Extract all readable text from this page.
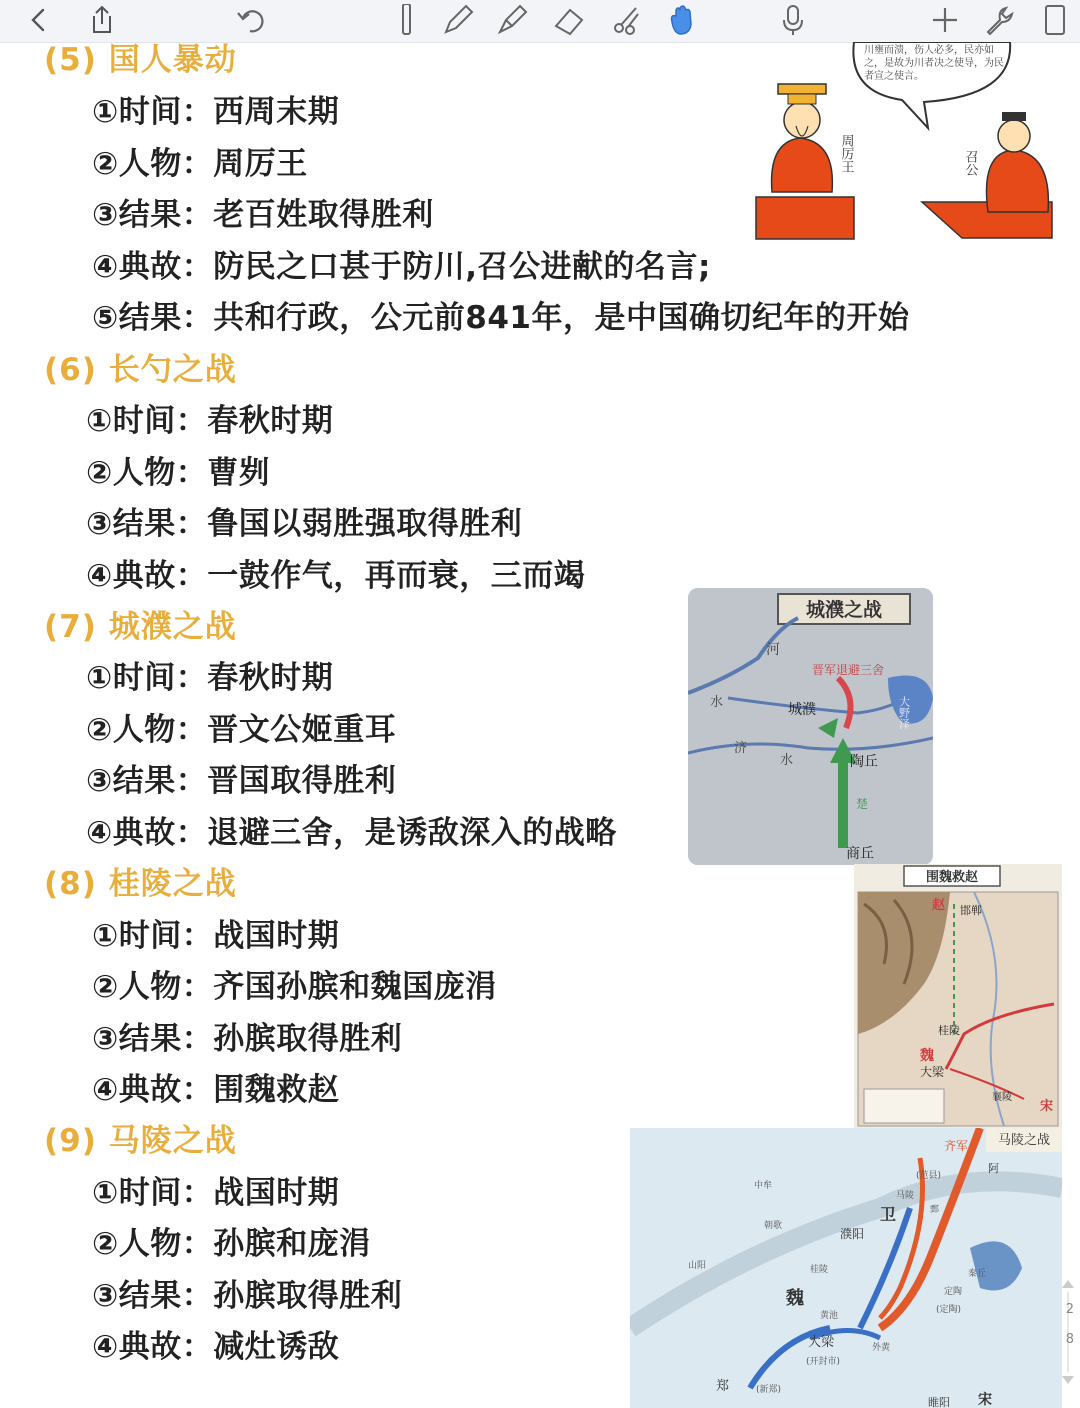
(5) 国人暴动
①时间：西周末期
②人物：周厉王
③结果：老百姓取得胜利
④典故：防民之口甚于防川,召公进献的名言;
⑤结果：共和行政，公元前841年，是中国确切纪年的开始
(6) 长勺之战
①时间：春秋时期
②人物：曹刿
③结果：鲁国以弱胜强取得胜利
④典故：一鼓作气，再而衰，三而竭
(7) 城濮之战
①时间：春秋时期
②人物：晋文公姬重耳
③结果：晋国取得胜利
④典故：退避三舍，是诱敌深入的战略
(8) 桂陵之战
①时间：战国时期
②人物：齐国孙膑和魏国庞涓
③结果：孙膑取得胜利
④典故：围魏救赵
(9) 马陵之战
①时间：战国时期
②人物：孙膑和庞涓
③结果：孙膑取得胜利
④典故：减灶诱敌
川壅而溃，伤人必多，民亦如之，是故为川者决之使导，为民者宣之使言。
周厉王	召公
城濮之战
河
水
济
水
城濮
陶丘
商丘
大野泽
晋军退避三舍
楚
围魏救赵
赵 邯郸
桂陵
魏
大梁
宋
襄陵
齐军 马陵之战
卫
濮阳
魏
大梁
(开封市)
郑	(新郑)
中牟
朝歌
山阳	桂陵
黄池
外黄
定陶
(定陶)
马陵
鄄
(范县)
秦丘
阿
睢阳 宋
2
8
